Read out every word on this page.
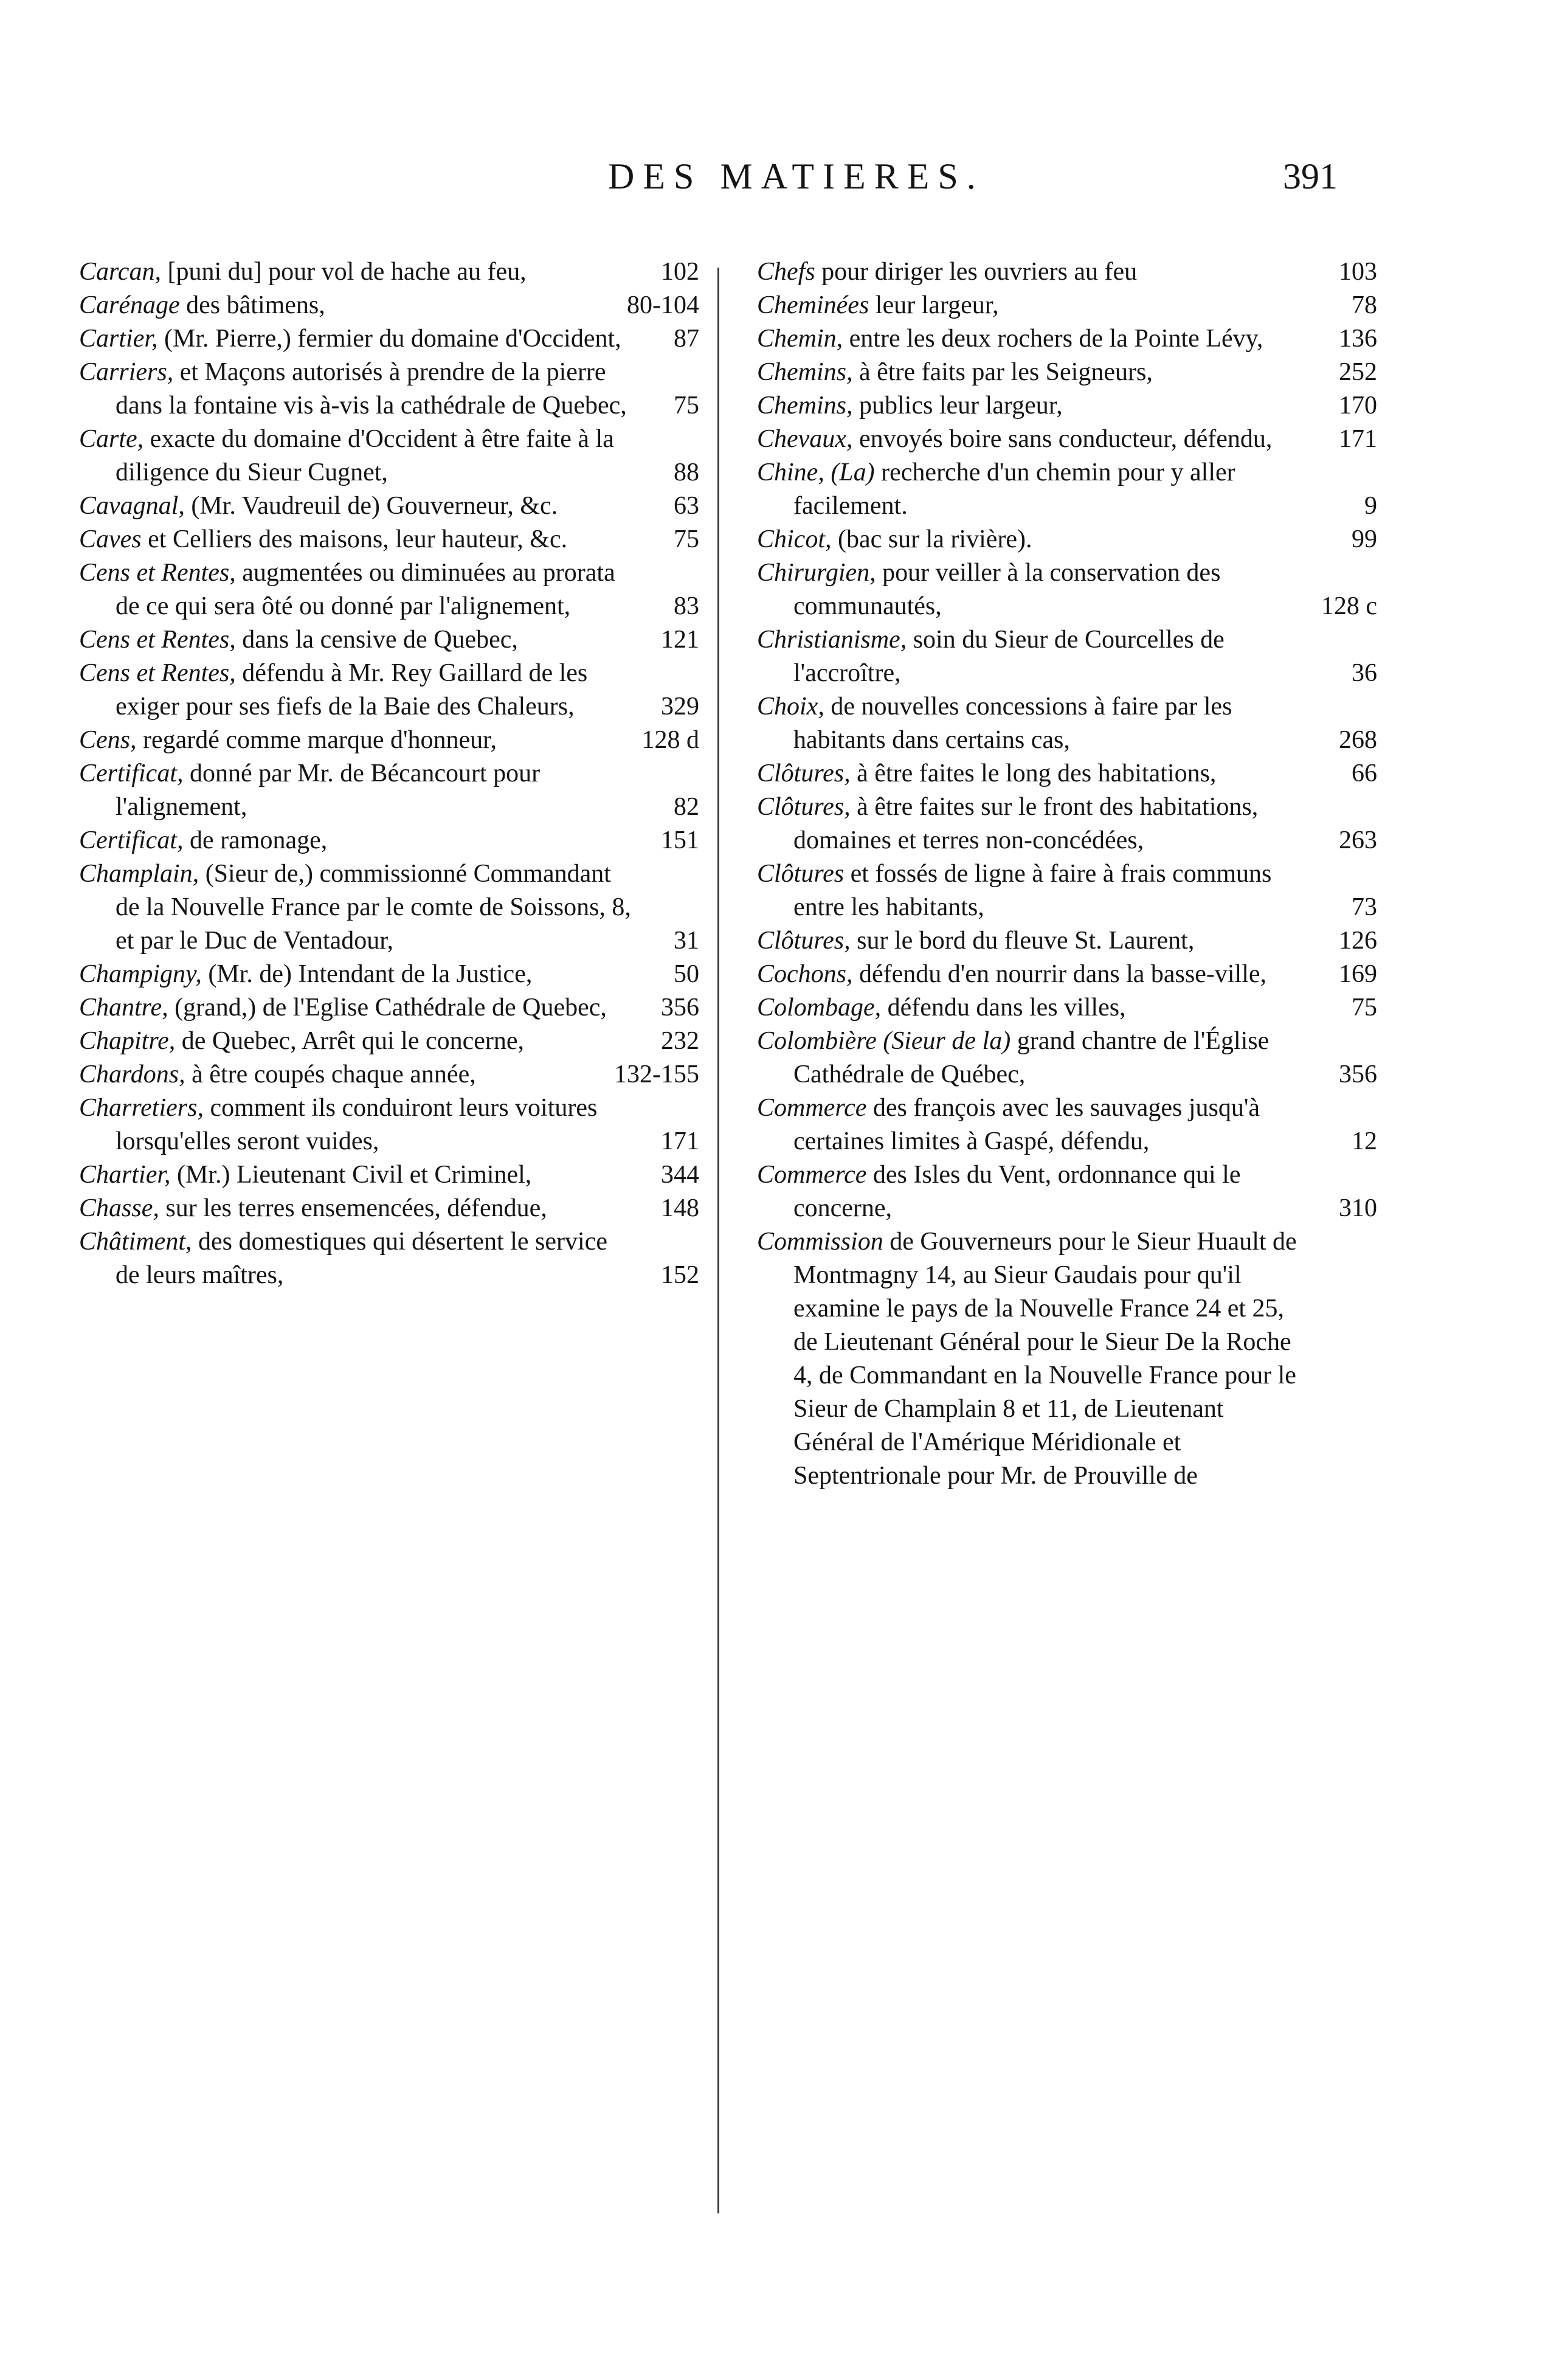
DES MATIERES.	391

Carcan, [puni du] pour vol de hache au feu,	102

Carénage des bâtimens,	80-104

Cartier, (Mr. Pierre,) fermier du domaine d'Occident, 87

Carriers, et Maçons autorisés à prendre de la pierre dans la fontaine vis à-vis la cathédrale de Quebec, 75

Carte, exacte du domaine d'Occident à être faite à la diligence du Sieur Cugnet,	88

Cavagnal, (Mr. Vaudreuil de) Gouverneur, &c.	63

Caves et Celliers des maisons, leur hauteur, &c.	75

Cens et Rentes, augmentées ou diminuées au prorata de ce qui sera ôté ou donné par l'alignement,	83

Cens et Rentes, dans la censive de Quebec,	121

Cens et Rentes, défendu à Mr. Rey Gaillard de les exiger pour ses fiefs de la Baie des Chaleurs,	329

Cens, regardé comme marque d'honneur,	128 d

Certificat, donné par Mr. de Bécancourt pour l'alignement,	82

Certificat, de ramonage,	151

Champlain, (Sieur de,) commissionné Commandant de la Nouvelle France par le comte de Soissons, 8, et par le Duc de Ventadour,	31

Champigny, (Mr. de) Intendant de la Justice,	50

Chantre, (grand,) de l'Eglise Cathédrale de Quebec, 356

Chapitre, de Quebec, Arrêt qui le concerne,	232

Chardons, à être coupés chaque année,	132-155

Charretiers, comment ils conduiront leurs voitures lorsqu'elles seront vuides,	171

Chartier, (Mr.) Lieutenant Civil et Criminel,	344

Chasse, sur les terres ensemencées, défendue,	148

Châtiment, des domestiques qui désertent le service de leurs maîtres,	152

Chefs pour diriger les ouvriers au feu	103

Cheminées leur largeur,	78

Chemin, entre les deux rochers de la Pointe Lévy,	136

Chemins, à être faits par les Seigneurs,	252

Chemins, publics leur largeur,	170

Chevaux, envoyés boire sans conducteur, défendu,	171

Chine, (La) recherche d'un chemin pour y aller facilement.	9

Chicot, (bac sur la rivière).	99

Chirurgien, pour veiller à la conservation des communautés,	128 c

Christianisme, soin du Sieur de Courcelles de l'accroître,	36

Choix, de nouvelles concessions à faire par les habitants dans certains cas,	268

Clôtures, à être faites le long des habitations,	66

Clôtures, à être faites sur le front des habitations, domaines et terres non-concédées,	263

Clôtures et fossés de ligne à faire à frais communs entre les habitants,	73

Clôtures, sur le bord du fleuve St. Laurent,	126

Cochons, défendu d'en nourrir dans la basse-ville,	169

Colombage, défendu dans les villes,	75

Colombière (Sieur de la) grand chantre de l'Église Cathédrale de Québec,	356

Commerce des françois avec les sauvages jusqu'à certaines limites à Gaspé, défendu,	12

Commerce des Isles du Vent, ordonnance qui le concerne,	310

Commission de Gouverneurs pour le Sieur Huault de Montmagny 14, au Sieur Gaudais pour qu'il examine le pays de la Nouvelle France 24 et 25, de Lieutenant Général pour le Sieur De la Roche 4, de Commandant en la Nouvelle France pour le Sieur de Champlain 8 et 11, de Lieutenant Général de l'Amérique Méridionale et Septentrionale pour Mr. de Prouville de
